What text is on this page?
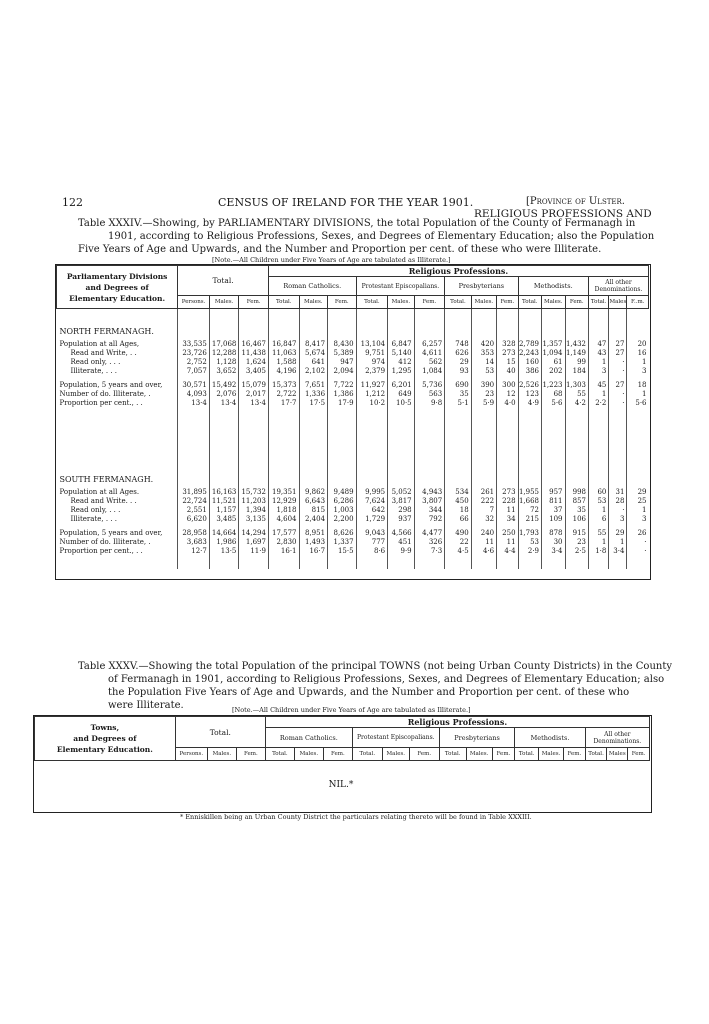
122	CENSUS OF IRELAND FOR THE YEAR 1901.	[Province of Ulster.
RELIGIOUS PROFESSIONS AND
Table XXXIV.—Showing, by PARLIAMENTARY DIVISIONS, the total Population of the County of Fermanagh in
1901, according to Religious Professions, Sexes, and Degrees of Elementary Education; also the Population
Five Years of Age and Upwards, and the Number and Proportion per cent. of these who were Illiterate.
[Note.—All Children under Five Years of Age are tabulated as Illiterate.]
Parliamentary Divisions
and Degrees of
Elementary Education.	Total.			Religious Professions.														
				Roman Catholics.			Protestant Episcopalians.			Presbyterians			Methodists.			All other Denominations.		
	Persons.	Males.	Fem.	Total.	Males.	Fem.	Total.	Males.	Fem.	Total.	Males.	Fem.	Total.	Males.	Fem.	Total.	Males	F..m.

NORTH FERMANAGH.																		
Population at all Ages,	33,535	17,068	16,467	16,847	8,417	8,430	13,104	6,847	6,257	748	420	328	2,789	1,357	1,432	47	27	20
Read and Write, . .	23,726	12,288	11,438	11,063	5,674	5,389	9,751	5,140	4,611	626	353	273	2,243	1,094	1,149	43	27	16
Read only, . . .	2,752	1,128	1,624	1,588	641	947	974	412	562	29	14	15	160	61	99	1	·	1
Illiterate, . . .	7,057	3,652	3,405	4,196	2,102	2,094	2,379	1,295	1,084	93	53	40	386	202	184	3	·	3
Population, 5 years and over,	30,571	15,492	15,079	15,373	7,651	7,722	11,927	6,201	5,736	690	390	300	2,526	1,223	1,303	45	27	18
Number of do. Illiterate, .	4,093	2,076	2,017	2,722	1,336	1,386	1,212	649	563	35	23	12	123	68	55	1	·	1
Proportion per cent., . .	13·4	13·4	13·4	17·7	17·5	17·9	10·2	10·5	9·8	5·1	5·9	4·0	4·9	5·6	4·2	2·2	·	5·6

SOUTH FERMANAGH.																		
Population at all Ages.	31,895	16,163	15,732	19,351	9,862	9,489	9,995	5,052	4,943	534	261	273	1,955	957	998	60	31	29
Read and Write. . .	22,724	11,521	11,203	12,929	6,643	6,286	7,624	3,817	3,807	450	222	228	1,668	811	857	53	28	25
Read only, . . .	2,551	1,157	1,394	1,818	815	1,003	642	298	344	18	7	11	72	37	35	1	·	1
Illiterate, . . .	6,620	3,485	3,135	4,604	2,404	2,200	1,729	937	792	66	32	34	215	109	106	6	3	3
Population, 5 years and over,	28,958	14,664	14,294	17,577	8,951	8,626	9,043	4,566	4,477	490	240	250	1,793	878	915	55	29	26
Number of do. Illiterate, .	3,683	1,986	1,697	2,830	1,493	1,337	777	451	326	22	11	11	53	30	23	1	1	·
Proportion per cent., . .	12·7	13·5	11·9	16·1	16·7	15·5	8·6	9·9	7·3	4·5	4·6	4·4	2·9	3·4	2·5	1·8	3·4	·

Table XXXV.—Showing the total Population of the principal TOWNS (not being Urban County Districts) in the County
of Fermanagh in 1901, according to Religious Professions, Sexes, and Degrees of Elementary Education; also
the Population Five Years of Age and Upwards, and the Number and Proportion per cent. of these who
were Illiterate.	[Note.—All Children under Five Years of Age are tabulated as Illiterate.]
Towns,
and Degrees of
Elementary Education.	Total.			Religious Professions.														
				Roman Catholics.			Protestant Episcopalians.			Presbyterians			Methodists.			All other Denominations.		
	Persons.	Males.	Fem.	Total.	Males.	Fem.	Total.	Males.	Fem.	Total.	Males.	Fem.	Total.	Males.	Fem.	Total.	Males	Fem.
NIL.*																		
* Enniskillen being an Urban County District the particulars relating thereto will be found in Table XXXIII.
